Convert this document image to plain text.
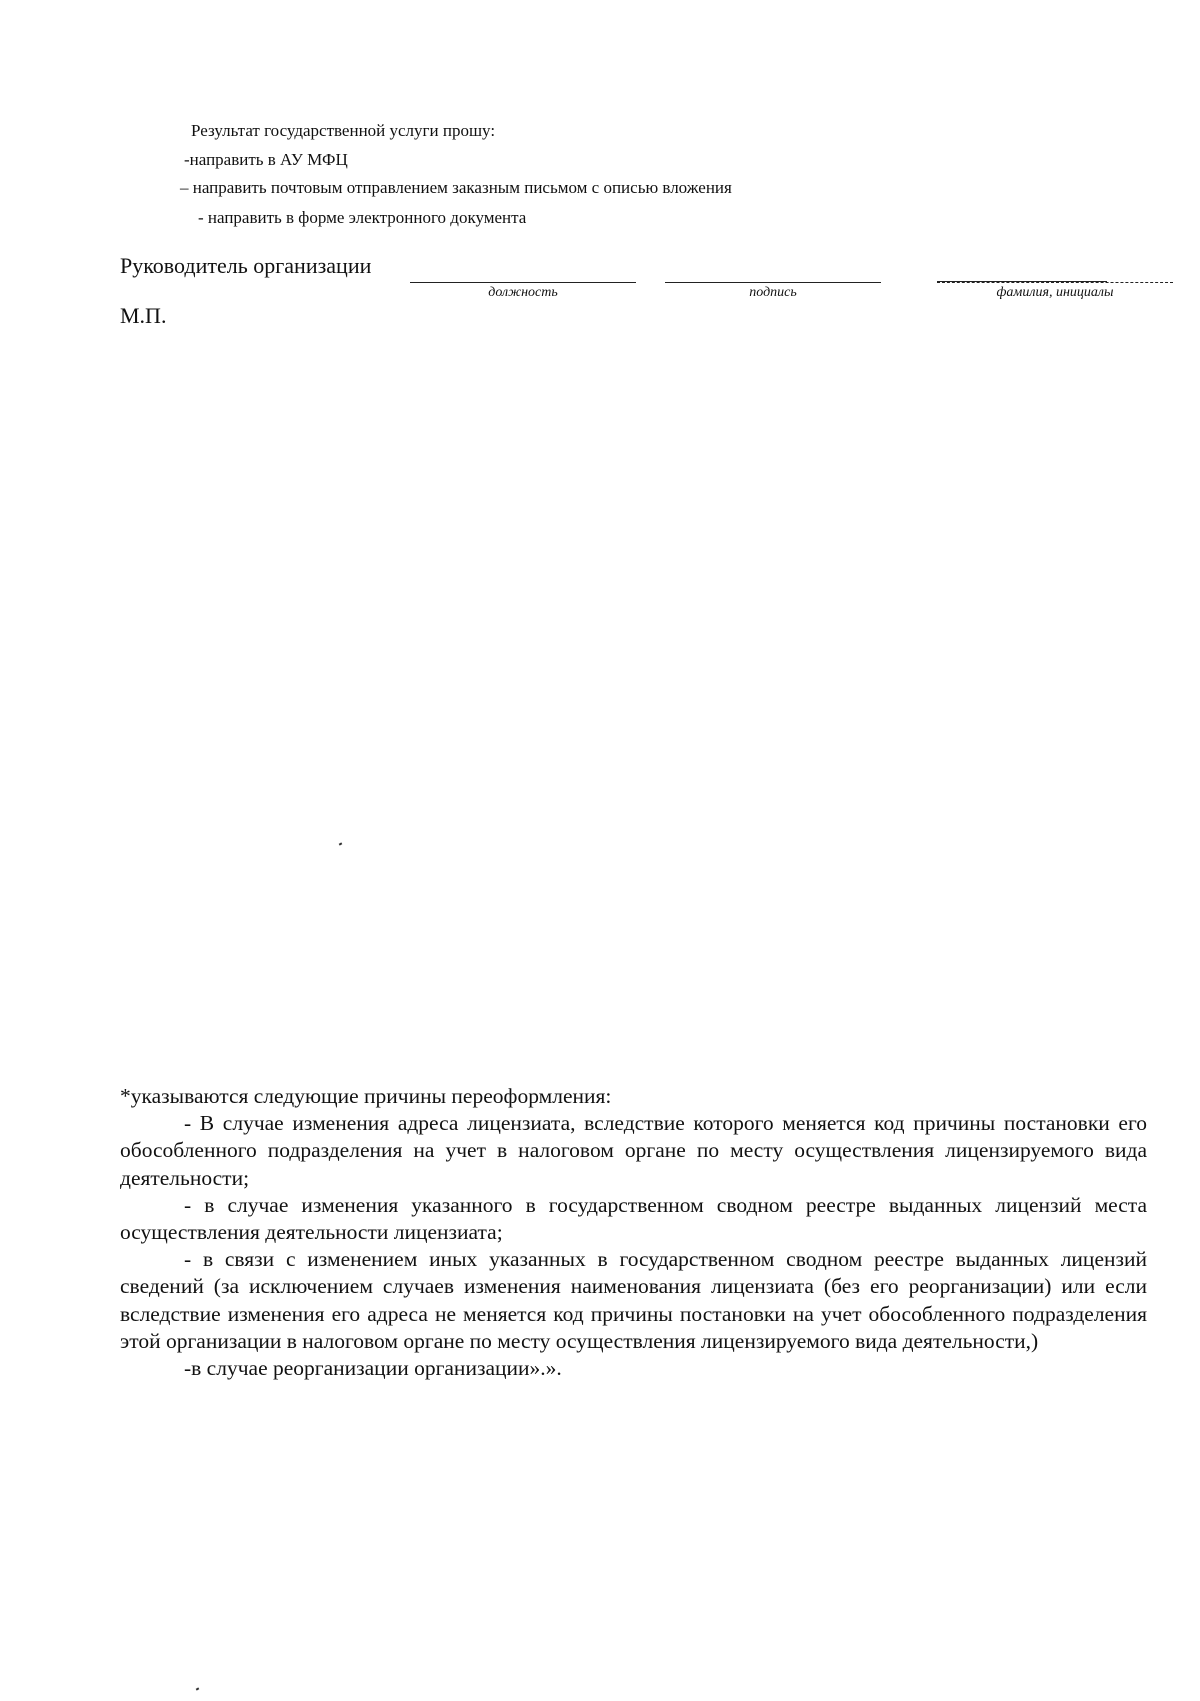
Результат государственной услуги прошу:
-направить в АУ МФЦ
– направить почтовым отправлением заказным письмом с описью вложения
- направить в форме электронного документа
Руководитель организации
должность	подпись	фамилия, инициалы
М.П.

*указываются следующие причины переоформления:

- В случае изменения адреса лицензиата, вследствие которого меняется код причины постановки его обособленного подразделения на учет в налоговом органе по месту осуществления лицензируемого вида деятельности;

- в случае изменения указанного в государственном сводном реестре выданных лицензий места осуществления деятельности лицензиата;

- в связи с изменением иных указанных в государственном сводном реестре выданных лицензий сведений (за исключением случаев изменения наименования лицензиата (без его реорганизации) или если вследствие изменения его адреса не меняется код причины постановки на учет обособленного подразделения этой организации в налоговом органе по месту осуществления лицензируемого вида деятельности,)

-в случае реорганизации организации».».
